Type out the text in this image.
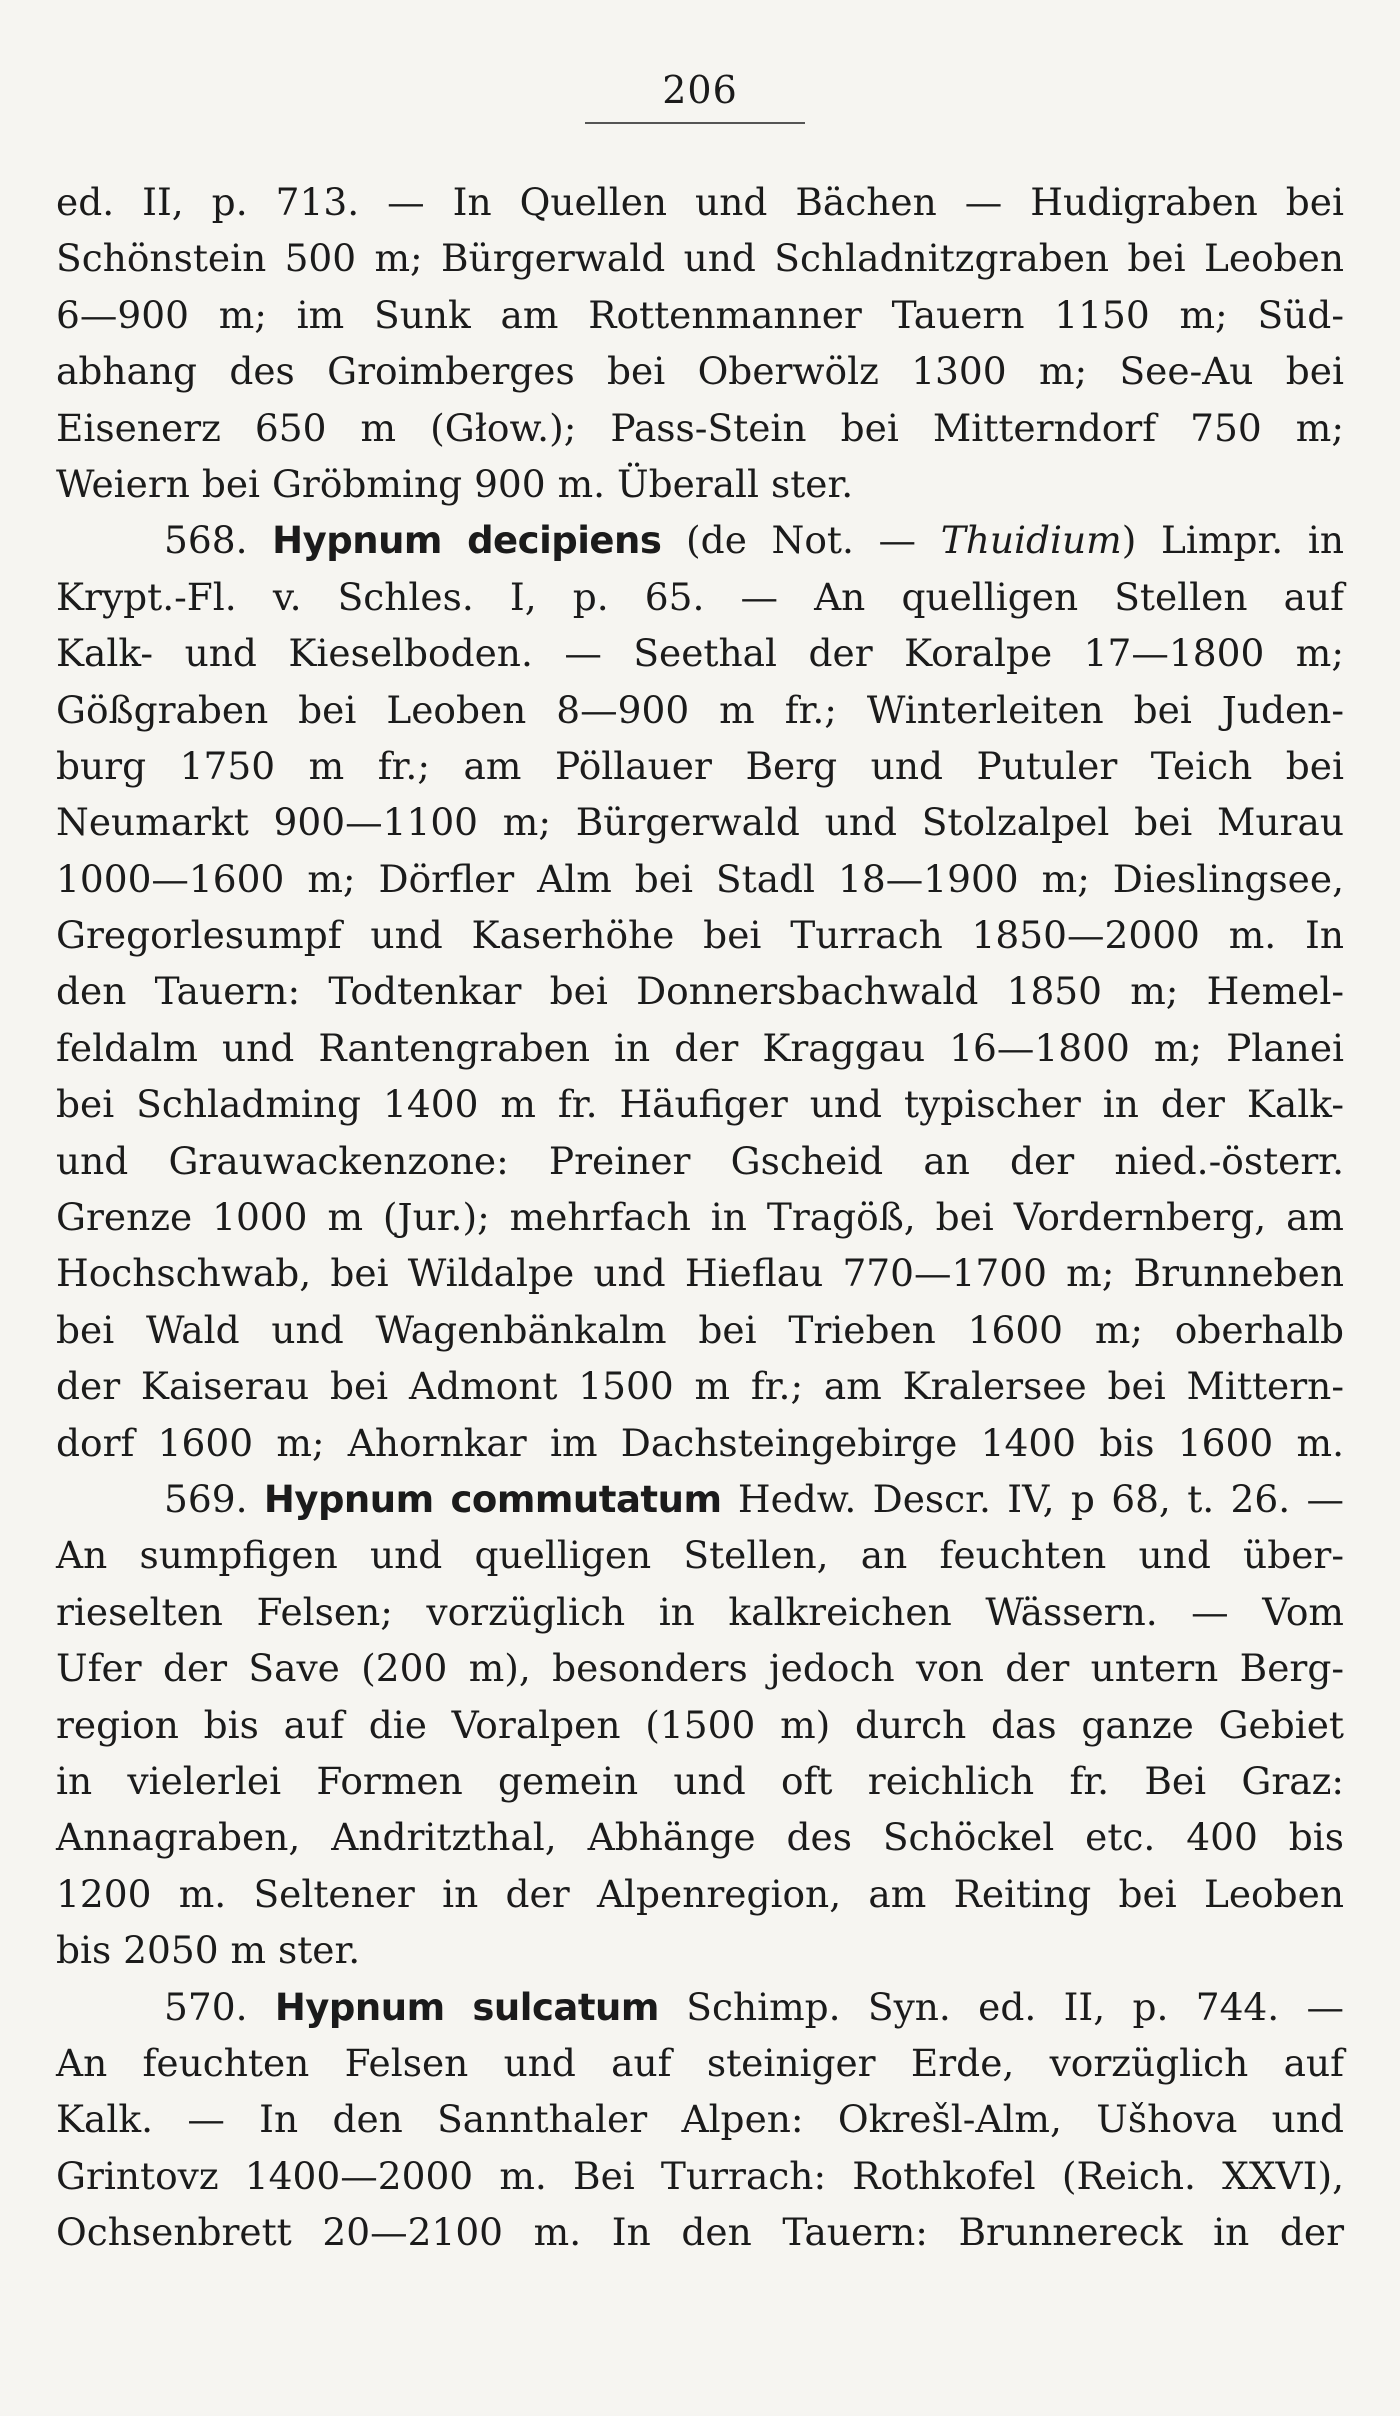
206
ed. II, p. 713. — In Quellen und Bächen — Hudigraben bei
Schönstein 500 m; Bürgerwald und Schladnitzgraben bei Leoben
6—900 m; im Sunk am Rottenmanner Tauern 1150 m; Süd-
abhang des Groimberges bei Oberwölz 1300 m; See-Au bei
Eisenerz 650 m (Głow.); Pass-Stein bei Mitterndorf 750 m;
Weiern bei Gröbming 900 m. Überall ster.
568. Hypnum decipiens (de Not. — Thuidium) Limpr. in
Krypt.-Fl. v. Schles. I, p. 65. — An quelligen Stellen auf
Kalk- und Kieselboden. — Seethal der Koralpe 17—1800 m;
Gößgraben bei Leoben 8—900 m fr.; Winterleiten bei Juden-
burg 1750 m fr.; am Pöllauer Berg und Putuler Teich bei
Neumarkt 900—1100 m; Bürgerwald und Stolzalpel bei Murau
1000—1600 m; Dörfler Alm bei Stadl 18—1900 m; Dieslingsee,
Gregorlesumpf und Kaserhöhe bei Turrach 1850—2000 m. In
den Tauern: Todtenkar bei Donnersbachwald 1850 m; Hemel-
feldalm und Rantengraben in der Kraggau 16—1800 m; Planei
bei Schladming 1400 m fr. Häufiger und typischer in der Kalk-
und Grauwackenzone: Preiner Gscheid an der nied.-österr.
Grenze 1000 m (Jur.); mehrfach in Tragöß, bei Vordernberg, am
Hochschwab, bei Wildalpe und Hieflau 770—1700 m; Brunneben
bei Wald und Wagenbänkalm bei Trieben 1600 m; oberhalb
der Kaiserau bei Admont 1500 m fr.; am Kralersee bei Mittern-
dorf 1600 m; Ahornkar im Dachsteingebirge 1400 bis 1600 m.
569. Hypnum commutatum Hedw. Descr. IV, p 68, t. 26. —
An sumpfigen und quelligen Stellen, an feuchten und über-
rieselten Felsen; vorzüglich in kalkreichen Wässern. — Vom
Ufer der Save (200 m), besonders jedoch von der untern Berg-
region bis auf die Voralpen (1500 m) durch das ganze Gebiet
in vielerlei Formen gemein und oft reichlich fr. Bei Graz:
Annagraben, Andritzthal, Abhänge des Schöckel etc. 400 bis
1200 m. Seltener in der Alpenregion, am Reiting bei Leoben
bis 2050 m ster.
570. Hypnum sulcatum Schimp. Syn. ed. II, p. 744. —
An feuchten Felsen und auf steiniger Erde, vorzüglich auf
Kalk. — In den Sannthaler Alpen: Okrešl-Alm, Ušhova und
Grintovz 1400—2000 m. Bei Turrach: Rothkofel (Reich. XXVI),
Ochsenbrett 20—2100 m. In den Tauern: Brunnereck in der
